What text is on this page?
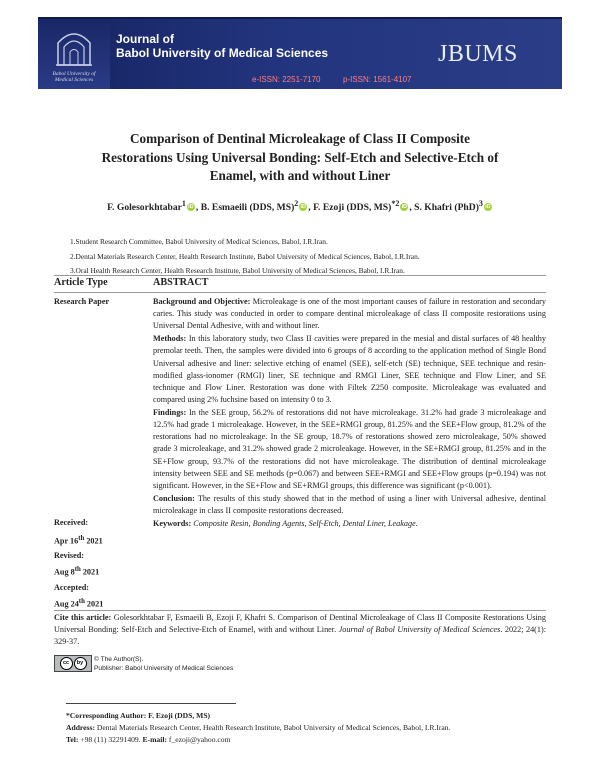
Babol University of
Medical Sciences
Journal of
Babol University of Medical Sciences
e-ISSN: 2251-7170	p-ISSN: 1561-4107
JBUMS
Comparison of Dentinal Microleakage of Class II Composite
Restorations Using Universal Bonding: Self-Etch and Selective-Etch of
Enamel, with and without Liner
F. Golesorkhtabar$^1$ iD , B. Esmaeili (DDS, MS)$^2$ iD , F. Ezoji (DDS, MS)$^{*2}$ iD , S. Khafri (PhD)$^3$ iD
1.Student Research Committee, Babol University of Medical Sciences, Babol, I.R.Iran.
2.Dental Materials Research Center, Health Research Institute, Babol University of Medical Sciences, Babol, I.R.Iran.
3.Oral Health Research Center, Health Research Institute, Babol University of Medical Sciences, Babol, I.R.Iran.
Article Type	ABSTRACT
Research Paper
Received:
Apr 16th 2021
Revised:
Aug 8th 2021
Accepted:
Aug 24th 2021

Background and Objective: Microleakage is one of the most important causes of failure in restoration and secondary caries. This study was conducted in order to compare dentinal microleakage of class II composite restorations using Universal Dental Adhesive, with and without liner.

Methods: In this laboratory study, two Class II cavities were prepared in the mesial and distal surfaces of 48 healthy premolar teeth. Then, the samples were divided into 6 groups of 8 according to the application method of Single Bond Universal adhesive and liner: selective etching of enamel (SEE), self-etch (SE) technique, SEE technique and resin-modified glass-ionomer (RMGI) liner, SE technique and RMGI Liner, SEE technique and Flow Liner, and SE technique and Flow Liner. Restoration was done with Filtek Z250 composite. Microleakage was evaluated and compared using 2% fuchsine based on intensity 0 to 3.

Findings: In the SEE group, 56.2% of restorations did not have microleakage. 31.2% had grade 3 microleakage and 12.5% had grade 1 microleakage. However, in the SEE+RMGI group, 81.25% and the SEE+Flow group, 81.2% of the restorations had no microleakage. In the SE group, 18.7% of restorations showed zero microleakage, 50% showed grade 3 microleakage, and 31.2% showed grade 2 microleakage. However, in the SE+RMGI group, 81.25% and in the SE+Flow group, 93.7% of the restorations did not have microleakage. The distribution of dentinal microleakage intensity between SEE and SE methods (p=0.067) and between SEE+RMGI and SEE+Flow groups (p=0.194) was not significant. However, in the SE+Flow and SE+RMGI groups, this difference was significant (p<0.001).

Conclusion: The results of this study showed that in the method of using a liner with Universal adhesive, dentinal microleakage in class II composite restorations decreased.

Keywords: Composite Resin, Bonding Agents, Self-Etch, Dental Liner, Leakage.

Cite this article: Golesorkhtabar F, Esmaeili B, Ezoji F, Khafri S. Comparison of Dentinal Microleakage of Class II Composite Restorations Using Universal Bonding: Self-Etch and Selective-Etch of Enamel, with and without Liner. Journal of Babol University of Medical Sciences. 2022; 24(1): 329-37.
cc	by	© The Author(S).
Publisher: Babol University of Medical Sciences
*Corresponding Author: F. Ezoji (DDS, MS)
Address: Dental Materials Research Center, Health Research Institute, Babol University of Medical Sciences, Babol, I.R.Iran.
Tel: +98 (11) 32291409. E-mail: f_ezoji@yahoo.com
